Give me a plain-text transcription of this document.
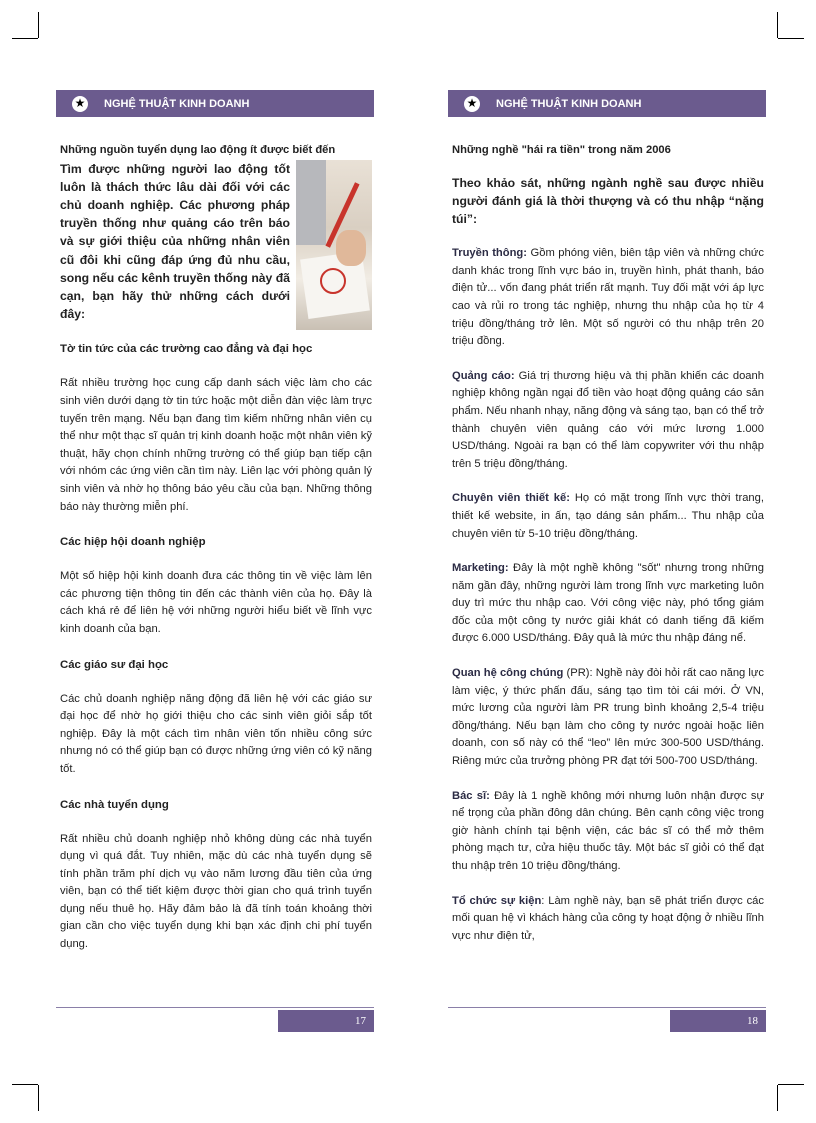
★
NGHỆ THUẬT KINH DOANH

Những nguồn tuyển dụng lao động ít được biết đến

Tìm được những người lao động tốt luôn là thách thức lâu dài đối với các chủ doanh nghiệp. Các phương pháp truyền thống như quảng cáo trên báo và sự giới thiệu của những nhân viên cũ đôi khi cũng đáp ứng đủ nhu cầu, song nếu các kênh truyền thống này đã cạn, bạn hãy thử những cách dưới đây:

Tờ tin tức của các trường cao đẳng và đại học

Rất nhiều trường học cung cấp danh sách việc làm cho các sinh viên dưới dạng tờ tin tức hoặc một diễn đàn việc làm trực tuyến trên mạng. Nếu bạn đang tìm kiếm những nhân viên cụ thể như một thạc sĩ quản trị kinh doanh hoặc một nhân viên kỹ thuật, hãy chọn chính những trường có thể giúp bạn tiếp cận với nhóm các ứng viên cần tìm này. Liên lạc với phòng quản lý sinh viên và nhờ họ thông báo yêu cầu của bạn. Những thông báo này thường miễn phí.

Các hiệp hội doanh nghiệp

Một số hiệp hội kinh doanh đưa các thông tin về việc làm lên các phương tiện thông tin đến các thành viên của họ. Đây là cách khá rẻ để liên hệ với những người hiểu biết về lĩnh vực kinh doanh của bạn.

Các giáo sư đại học

Các chủ doanh nghiệp năng động đã liên hệ với các giáo sư đại học để nhờ họ giới thiệu cho các sinh viên giỏi sắp tốt nghiệp. Đây là một cách tìm nhân viên tốn nhiều công sức nhưng nó có thể giúp bạn có được những ứng viên có kỹ năng tốt.

Các nhà tuyển dụng

Rất nhiều chủ doanh nghiệp nhỏ không dùng các nhà tuyển dụng vì quá đắt. Tuy nhiên, mặc dù các nhà tuyển dụng sẽ tính phần trăm phí dịch vụ vào năm lương đầu tiên của ứng viên, bạn có thể tiết kiệm được thời gian cho quá trình tuyển dụng nếu thuê họ. Hãy đảm bảo là đã tính toán khoảng thời gian cần cho việc tuyển dụng khi bạn xác định chi phí tuyển dụng.

17
★
NGHỆ THUẬT KINH DOANH

Những nghề "hái ra tiền" trong năm 2006

Theo khảo sát, những ngành nghề sau được nhiều người đánh giá là thời thượng và có thu nhập “nặng túi”:

Truyền thông: Gồm phóng viên, biên tập viên và những chức danh khác trong lĩnh vực báo in, truyền hình, phát thanh, báo điện tử... vốn đang phát triển rất mạnh. Tuy đối mặt với áp lực cao và rủi ro trong tác nghiệp, nhưng thu nhập của họ từ 4 triệu đồng/tháng trở lên. Một số người có thu nhập trên 20 triệu đồng.

Quảng cáo: Giá trị thương hiệu và thị phần khiến các doanh nghiệp không ngần ngại đổ tiền vào hoạt động quảng cáo sản phẩm. Nếu nhanh nhạy, năng động và sáng tạo, bạn có thể trở thành chuyên viên quảng cáo với mức lương 1.000 USD/tháng. Ngoài ra bạn có thể làm copywriter với thu nhập trên 5 triệu đồng/tháng.

Chuyên viên thiết kế: Họ có mặt trong lĩnh vực thời trang, thiết kế website, in ấn, tạo dáng sản phẩm... Thu nhập của chuyên viên từ 5-10 triệu đồng/tháng.

Marketing: Đây là một nghề không "sốt" nhưng trong những năm gần đây, những người làm trong lĩnh vực marketing luôn duy trì mức thu nhập cao. Với công việc này, phó tổng giám đốc của một công ty nước giải khát có danh tiếng đã kiếm được 6.000 USD/tháng. Đây quả là mức thu nhập đáng nể.

Quan hệ công chúng (PR): Nghề này đòi hỏi rất cao năng lực làm việc, ý thức phấn đấu, sáng tạo tìm tòi cái mới. Ở VN, mức lương của người làm PR trung bình khoảng 2,5-4 triệu đồng/tháng. Nếu bạn làm cho công ty nước ngoài hoặc liên doanh, con số này có thể “leo” lên mức 300-500 USD/tháng. Riêng mức của trưởng phòng PR đạt tới 500-700 USD/tháng.

Bác sĩ: Đây là 1 nghề không mới nhưng luôn nhận được sự nể trọng của phần đông dân chúng. Bên cạnh công việc trong giờ hành chính tại bệnh viện, các bác sĩ có thể mở thêm phòng mạch tư, cửa hiệu thuốc tây. Một bác sĩ giỏi có thể đạt thu nhập trên 10 triệu đồng/tháng.

Tổ chức sự kiện: Làm nghề này, bạn sẽ phát triển được các mối quan hệ vì khách hàng của công ty hoạt động ở nhiều lĩnh vực như điện tử,

18
